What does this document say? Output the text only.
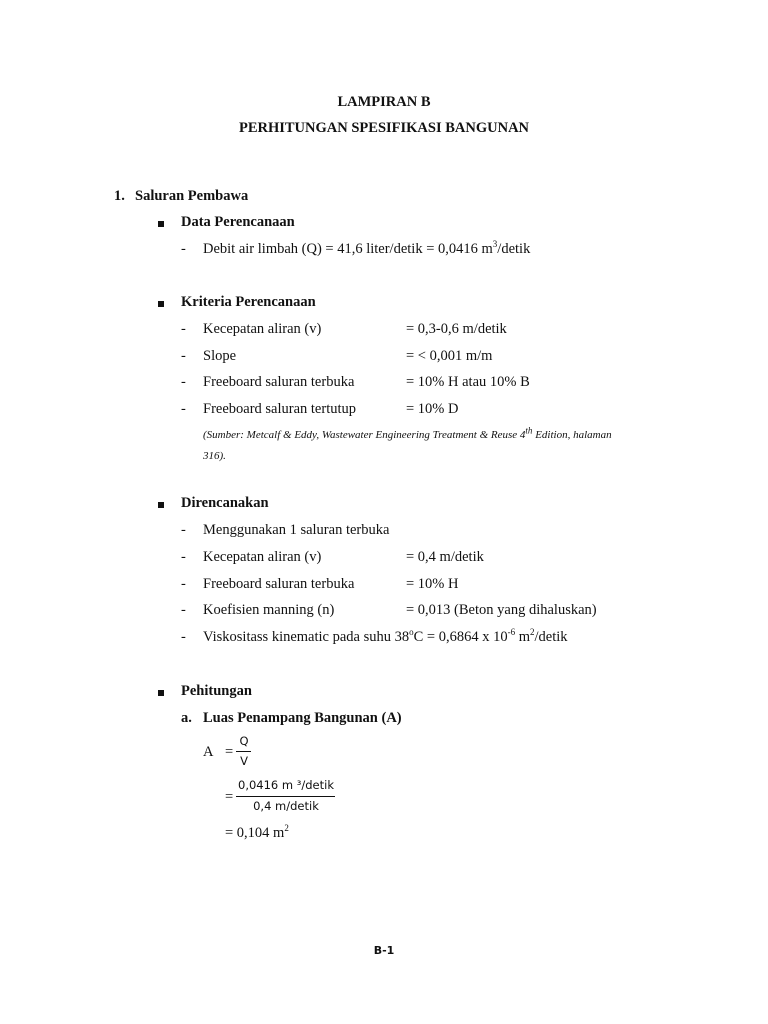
LAMPIRAN B
PERHITUNGAN SPESIFIKASI BANGUNAN
1. Saluran Pembawa
Data Perencanaan
- Debit air limbah (Q) = 41,6 liter/detik = 0,0416 $m^3$/detik
Kriteria Perencanaan
- Kecepatan aliran (v)	= 0,3-0,6 m/detik
- Slope	= < 0,001 m/m
- Freeboard saluran terbuka	= 10% H atau 10% B
- Freeboard saluran tertutup	= 10% D
(Sumber: Metcalf & Eddy, Wastewater Engineering Treatment & Reuse 4th Edition, halaman
316).
Direncanakan
- Menggunakan 1 saluran terbuka
- Kecepatan aliran (v)	= 0,4 m/detik
- Freeboard saluran terbuka	= 10% H
- Koefisien manning (n)	= 0,013 (Beton yang dihaluskan)
- Viskositass kinematic pada suhu $38^oC = 0,6864$ x $10^{-6}$ $m^2$/detik
Pehitungan
a. Luas Penampang Bangunan (A)
A =
Q
V
=
0,0416 m ³/detik
0,4 m/detik
= 0,104 $m^2$
B-1
